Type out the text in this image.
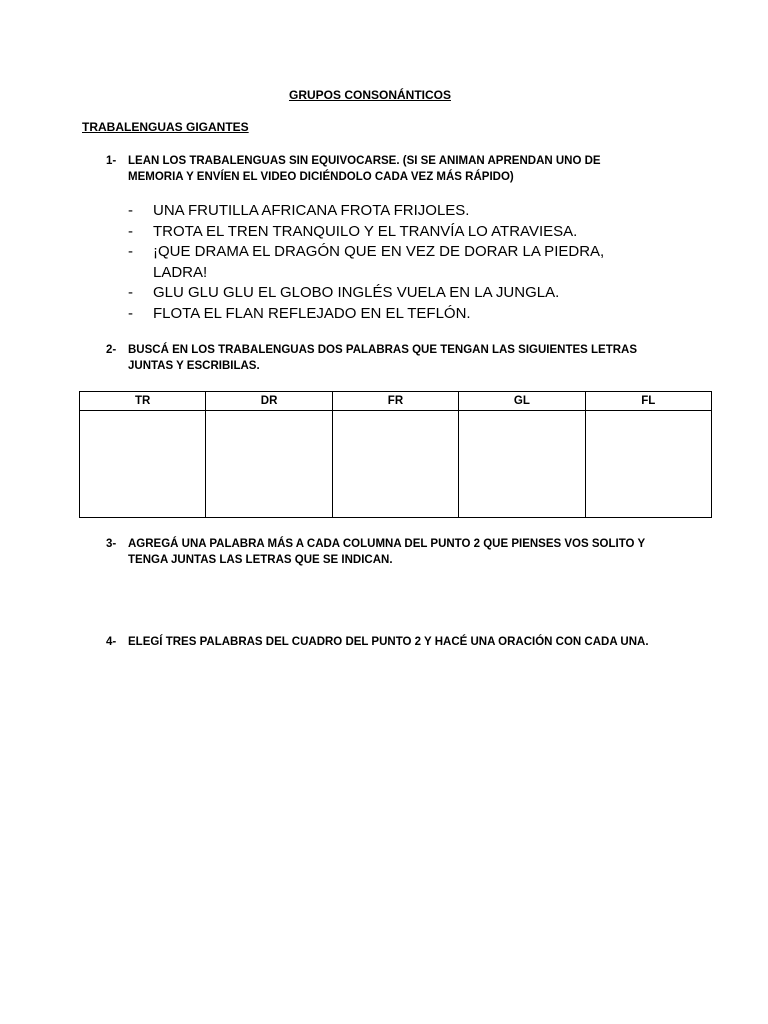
GRUPOS CONSONÁNTICOS
TRABALENGUAS GIGANTES
1- LEAN LOS TRABALENGUAS SIN EQUIVOCARSE. (SI SE ANIMAN APRENDAN UNO DE
MEMORIA Y ENVÍEN EL VIDEO DICIÉNDOLO CADA VEZ MÁS RÁPIDO)
- UNA FRUTILLA AFRICANA FROTA FRIJOLES.
- TROTA EL TREN TRANQUILO Y EL TRANVÍA LO ATRAVIESA.
- ¡QUE DRAMA EL DRAGÓN QUE EN VEZ DE DORAR LA PIEDRA,
LADRA!
- GLU GLU GLU EL GLOBO INGLÉS VUELA EN LA JUNGLA.
- FLOTA EL FLAN REFLEJADO EN EL TEFLÓN.
2- BUSCÁ EN LOS TRABALENGUAS DOS PALABRAS QUE TENGAN LAS SIGUIENTES LETRAS
JUNTAS Y ESCRIBILAS.
TR	DR	FR	GL	FL

3- AGREGÁ UNA PALABRA MÁS A CADA COLUMNA DEL PUNTO 2 QUE PIENSES VOS SOLITO Y
TENGA JUNTAS LAS LETRAS QUE SE INDICAN.
4- ELEGÍ TRES PALABRAS DEL CUADRO DEL PUNTO 2 Y HACÉ UNA ORACIÓN CON CADA UNA.
